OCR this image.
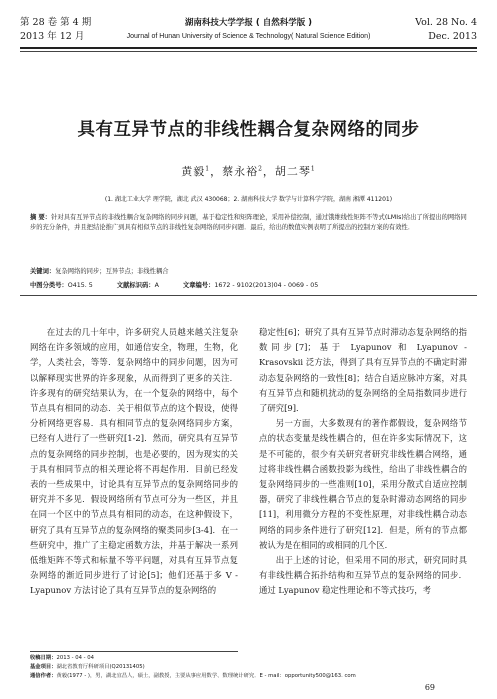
第 28 卷 第 4 期
2013 年 12 月
湖南科技大学学报 ( 自然科学版 )
Journal of Hunan University of Science & Technology( Natural Science Edition)
Vol. 28 No. 4
Dec. 2013
具有互异节点的非线性耦合复杂网络的同步
黄毅$^1$，蔡永裕$^2$，胡二琴$^1$
(1. 湖北工业大学 理学院，湖北 武汉 430068；2. 湖南科技大学 数学与计算科学学院，湖南 湘潭 411201)
摘 要：针对具有互异节点的非线性耦合复杂网络的同步问题，基于稳定性和矩阵理论，采用补偿控制，通过饿维线性矩阵不等式(LMIs)给出了所提出的网络同步的充分条件，并且把结论推广到具有相似节点的非线性复杂网络的同步问题．最后，给出的数值实例表明了所提出的控制方案的有效性．
关键词：复杂网络的同步；互异节点；非线性耦合
中图分类号：O415. 5	文献标识码：A	文章编号：1672 - 9102(2013)04 - 0069 - 05

在过去的几十年中，许多研究人员越来越关注复杂网络在许多领域的应用，如通信安全，物理，生物，化学，人类社会，等等．复杂网络中的同步问题，因为可以解释现实世界的许多现象，从而得到了更多的关注．许多现有的研究结果认为，在一个复杂的网络中，每个节点具有相同的动态．关于相似节点的这个假设，使得分析网络更容易．具有相同节点的复杂网络同步方案，已经有人进行了一些研究[1-2]．然而，研究具有互异节点的复杂网络的同步控制，也是必要的，因为现实的关于具有相同节点的相关理论将不再起作用．目前已经发表的一些成果中，讨论具有互异节点的复杂网络同步的研究并不多见．假设网络所有节点可分为一些区，并且在同一个区中的节点具有相同的动态，在这种假设下，研究了具有互异节点的复杂网络的聚类同步[3-4]．在一些研究中，推广了主稳定函数方法，并基于解决一系列低维矩阵不等式和标量不等平问题，对具有互异节点复杂网络的渐近同步进行了讨论[5]；他们还基于多 V - Lyapunov 方法讨论了具有互异节点的复杂网络的

稳定性[6]；研究了具有互异节点时滞动态复杂网络的指数同步[7]；基于 Lyapunov 和 Lyapunov - Krasovskii 泛方法，得到了具有互异节点的不确定时滞动态复杂网络的一致性[8]；结合自适应脉冲方案，对具有互异节点和随机扰动的复杂网络的全局指数同步进行了研究[9]．

另一方面，大多数现有的著作都假设，复杂网络节点的状态变量是线性耦合的，但在许多实际情况下，这是不可能的，很少有关研究者研究非线性耦合网络，通过将非线性耦合函数投影为线性，给出了非线性耦合的复杂网络同步的一些准则[10]，采用分散式自适应控制器，研究了非线性耦合节点的复杂时滞动态网络的同步[11]，利用微分方程的不变性原理，对非线性耦合动态网络的同步条件进行了研究[12]．但是，所有的节点都被认为是在相同的或相同的几个区．

出于上述的讨论，但采用不同的形式，研究同时具有非线性耦合拓扑结构和互异节点的复杂网络的同步．通过 Lyapunov 稳定性理论和不等式技巧，考

收稿日期：2013 - 04 - 04
基金项目：湖北省教育厅科研项目(Q20131405)
通信作者：黄毅(1977 - )，男，湖北宜昌人，硕士，副教授，主要从事应用数学、数理统计研究．E - mail：opportunity500@163. com
69
